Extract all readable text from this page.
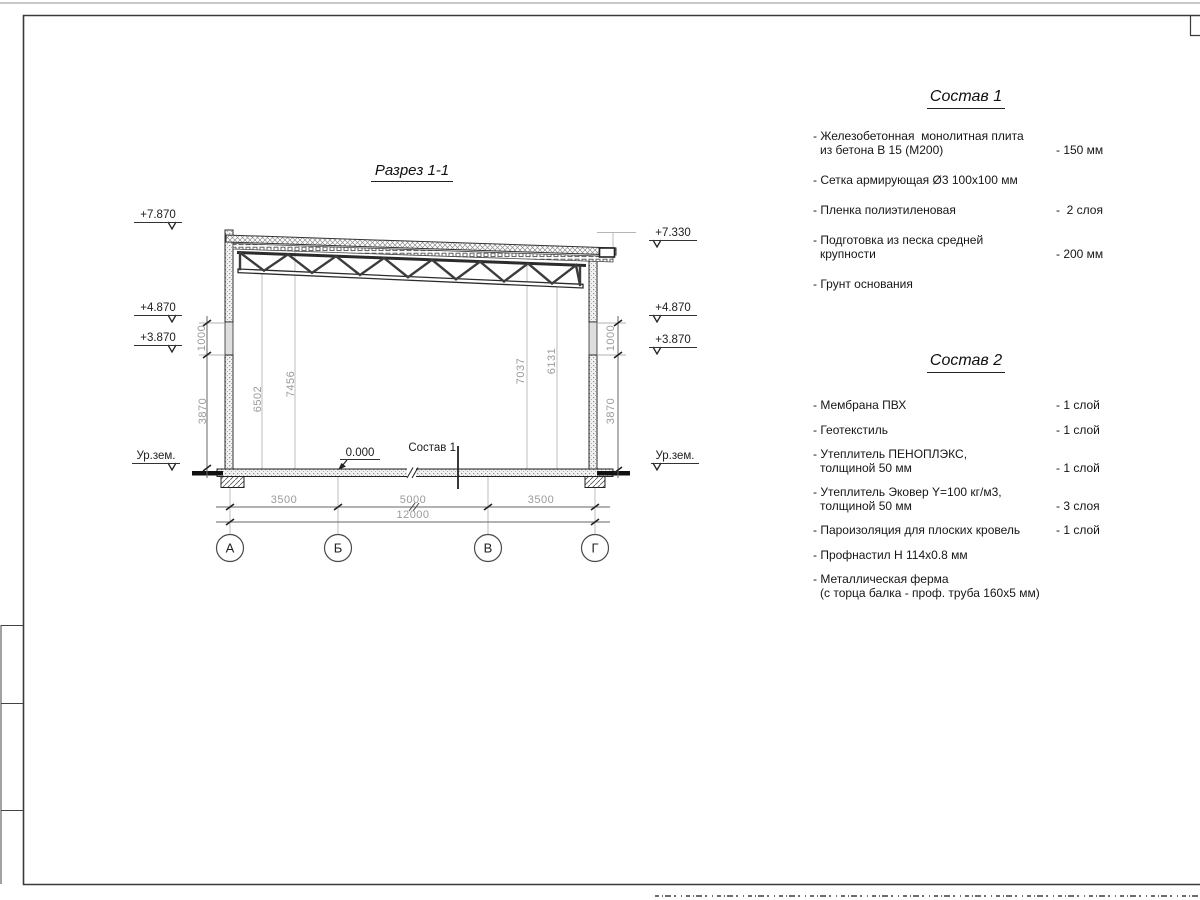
Разрез 1-1
+7.870
+4.870
+3.870
Ур.зем.
+7.330
+4.870
+3.870
Ур.зем.
1000
3870
1000
3870
6502
7456	7037 6131
3500	5000	3500
12000
А	Б	В	Г
0.000	Состав 1
Состав 1
- Железобетонная  монолитная плита
из бетона В 15 (М200)	- 150 мм
- Сетка армирующая Ø3 100х100 мм
- Пленка полиэтиленовая	-  2 слоя
- Подготовка из песка средней
крупности	- 200 мм
- Грунт основания
Состав 2
- Мембрана ПВХ	- 1 слой
- Геотекстиль	- 1 слой
- Утеплитель ПЕНОПЛЭКС,
толщиной 50 мм	- 1 слой
- Утеплитель Эковер Y=100 кг/м3,
толщиной 50 мм	- 3 слоя
- Пароизоляция для плоских кровель	- 1 слой
- Профнастил Н 114х0.8 мм
- Металлическая ферма
(с торца балка - проф. труба 160х5 мм)
